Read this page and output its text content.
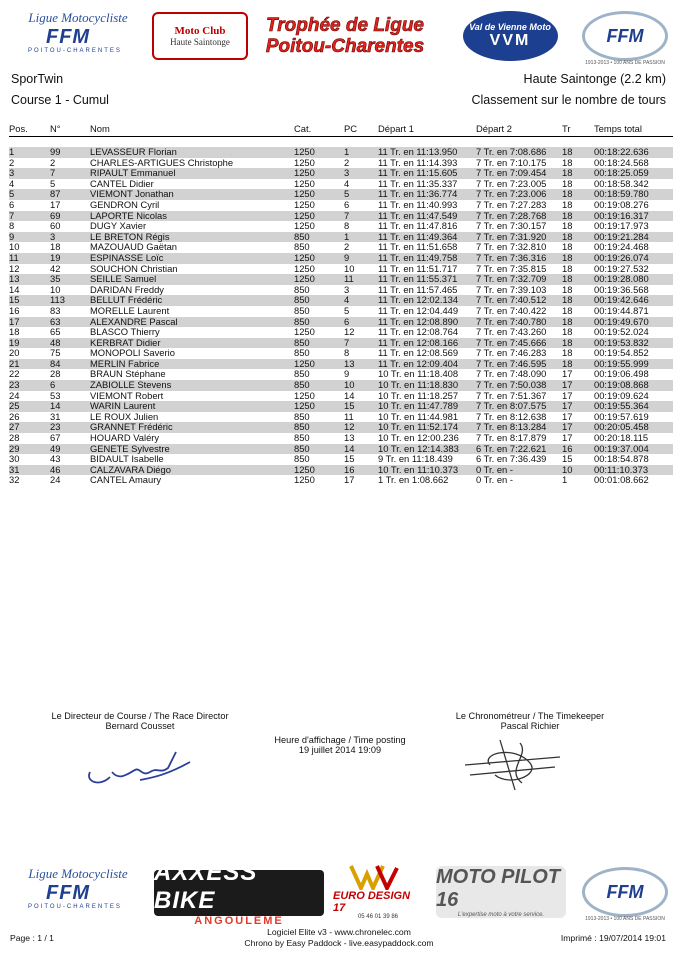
Ligue Motocycliste
FFM
POITOU-CHARENTES
Moto Club
Haute Saintonge
Trophée de Ligue
Poitou-Charentes
Val de Vienne Moto
VVM	FFM
1913-2013 • 100 ANS DE PASSION
SporTwin	Haute Saintonge (2.2 km)
Course 1 - Cumul	Classement sur le nombre de tours
Pos.	N°	Nom	Cat.	PC	Départ 1	Départ 2	Tr	Temps total

1	99	LEVASSEUR Florian	1250	1	11 Tr. en 11:13.950	7 Tr. en 7:08.686	18	00:18:22.636
2	2	CHARLES-ARTIGUES Christophe	1250	2	11 Tr. en 11:14.393	7 Tr. en 7:10.175	18	00:18:24.568
3	7	RIPAULT Emmanuel	1250	3	11 Tr. en 11:15.605	7 Tr. en 7:09.454	18	00:18:25.059
4	5	CANTEL Didier	1250	4	11 Tr. en 11:35.337	7 Tr. en 7:23.005	18	00:18:58.342
5	87	VIEMONT Jonathan	1250	5	11 Tr. en 11:36.774	7 Tr. en 7:23.006	18	00:18:59.780
6	17	GENDRON Cyril	1250	6	11 Tr. en 11:40.993	7 Tr. en 7:27.283	18	00:19:08.276
7	69	LAPORTE Nicolas	1250	7	11 Tr. en 11:47.549	7 Tr. en 7:28.768	18	00:19:16.317
8	60	DUGY Xavier	1250	8	11 Tr. en 11:47.816	7 Tr. en 7:30.157	18	00:19:17.973
9	3	LE BRETON Régis	850	1	11 Tr. en 11:49.364	7 Tr. en 7:31.920	18	00:19:21.284
10	18	MAZOUAUD Gaëtan	850	2	11 Tr. en 11:51.658	7 Tr. en 7:32.810	18	00:19:24.468
11	19	ESPINASSE Loïc	1250	9	11 Tr. en 11:49.758	7 Tr. en 7:36.316	18	00:19:26.074
12	42	SOUCHON Christian	1250	10	11 Tr. en 11:51.717	7 Tr. en 7:35.815	18	00:19:27.532
13	35	SEILLE Samuel	1250	11	11 Tr. en 11:55.371	7 Tr. en 7:32.709	18	00:19:28.080
14	10	DARIDAN Freddy	850	3	11 Tr. en 11:57.465	7 Tr. en 7:39.103	18	00:19:36.568
15	113	BELLUT Frédéric	850	4	11 Tr. en 12:02.134	7 Tr. en 7:40.512	18	00:19:42.646
16	83	MORELLE Laurent	850	5	11 Tr. en 12:04.449	7 Tr. en 7:40.422	18	00:19:44.871
17	63	ALEXANDRE Pascal	850	6	11 Tr. en 12:08.890	7 Tr. en 7:40.780	18	00:19:49.670
18	65	BLASCO Thierry	1250	12	11 Tr. en 12:08.764	7 Tr. en 7:43.260	18	00:19:52.024
19	48	KERBRAT Didier	850	7	11 Tr. en 12:08.166	7 Tr. en 7:45.666	18	00:19:53.832
20	75	MONOPOLI Saverio	850	8	11 Tr. en 12:08.569	7 Tr. en 7:46.283	18	00:19:54.852
21	84	MERLIN Fabrice	1250	13	11 Tr. en 12:09.404	7 Tr. en 7:46.595	18	00:19:55.999
22	28	BRAUN Stéphane	850	9	10 Tr. en 11:18.408	7 Tr. en 7:48.090	17	00:19:06.498
23	6	ZABIOLLE Stevens	850	10	10 Tr. en 11:18.830	7 Tr. en 7:50.038	17	00:19:08.868
24	53	VIEMONT Robert	1250	14	10 Tr. en 11:18.257	7 Tr. en 7:51.367	17	00:19:09.624
25	14	WARIN Laurent	1250	15	10 Tr. en 11:47.789	7 Tr. en 8:07.575	17	00:19:55.364
26	31	LE ROUX Julien	850	11	10 Tr. en 11:44.981	7 Tr. en 8:12.638	17	00:19:57.619
27	23	GRANNET Frédéric	850	12	10 Tr. en 11:52.174	7 Tr. en 8:13.284	17	00:20:05.458
28	67	HOUARD Valéry	850	13	10 Tr. en 12:00.236	7 Tr. en 8:17.879	17	00:20:18.115
29	49	GENETE Sylvestre	850	14	10 Tr. en 12:14.383	6 Tr. en 7:22.621	16	00:19:37.004
30	43	BIDAULT Isabelle	850	15	9 Tr. en 11:18.439	6 Tr. en 7:36.439	15	00:18:54.878
31	46	CALZAVARA Diégo	1250	16	10 Tr. en 11:10.373	0 Tr. en -	10	00:11:10.373
32	24	CANTEL Amaury	1250	17	1 Tr. en 1:08.662	0 Tr. en -	1	00:01:08.662
Le Directeur de Course / The Race Director
Bernard Cousset
Heure d'affichage / Time posting
19 juillet 2014 19:09
Le Chronométreur / The Timekeeper
Pascal Richier
Ligue Motocycliste
FFM
POITOU-CHARENTES
AXXESS BIKE
ANGOULEME
EURO DESIGN 17
05 46 01 39 86
MOTO PILOT 16
L'expertise moto à votre service.
FFM
1913-2013 • 100 ANS DE PASSION
Page : 1 / 1
Logiciel Elite v3 - www.chronelec.com
Chrono by Easy Paddock - live.easypaddock.com	Imprimé : 19/07/2014 19:01
